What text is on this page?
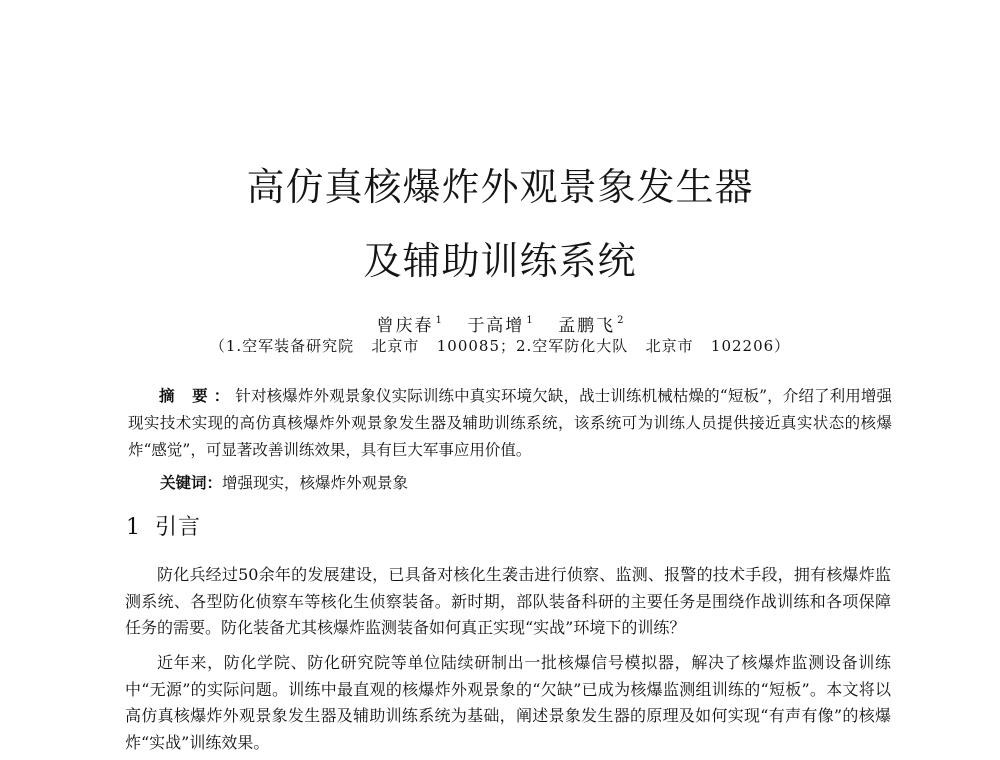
高仿真核爆炸外观景象发生器
及辅助训练系统
曾庆春 $^1$ 于高增 $^1$ 孟鹏飞 $^2$
（1.空军装备研究院   北京市   100085；2.空军防化大队   北京市   102206）
摘 要：针对核爆炸外观景象仪实际训练中真实环境欠缺，战士训练机械枯燥的“短板”，介绍了利用增强现实技术实现的高仿真核爆炸外观景象发生器及辅助训练系统，该系统可为训练人员提供接近真实状态的核爆炸“感觉”，可显著改善训练效果，具有巨大军事应用价值。
关键词：增强现实，核爆炸外观景象
1 引言
防化兵经过50余年的发展建设，已具备对核化生袭击进行侦察、监测、报警的技术手段，拥有核爆炸监测系统、各型防化侦察车等核化生侦察装备。新时期，部队装备科研的主要任务是围绕作战训练和各项保障任务的需要。防化装备尤其核爆炸监测装备如何真正实现“实战”环境下的训练？
近年来，防化学院、防化研究院等单位陆续研制出一批核爆信号模拟器，解决了核爆炸监测设备训练中“无源”的实际问题。训练中最直观的核爆炸外观景象的“欠缺”已成为核爆监测组训练的“短板”。本文将以高仿真核爆炸外观景象发生器及辅助训练系统为基础，阐述景象发生器的原理及如何实现“有声有像”的核爆炸“实战”训练效果。
